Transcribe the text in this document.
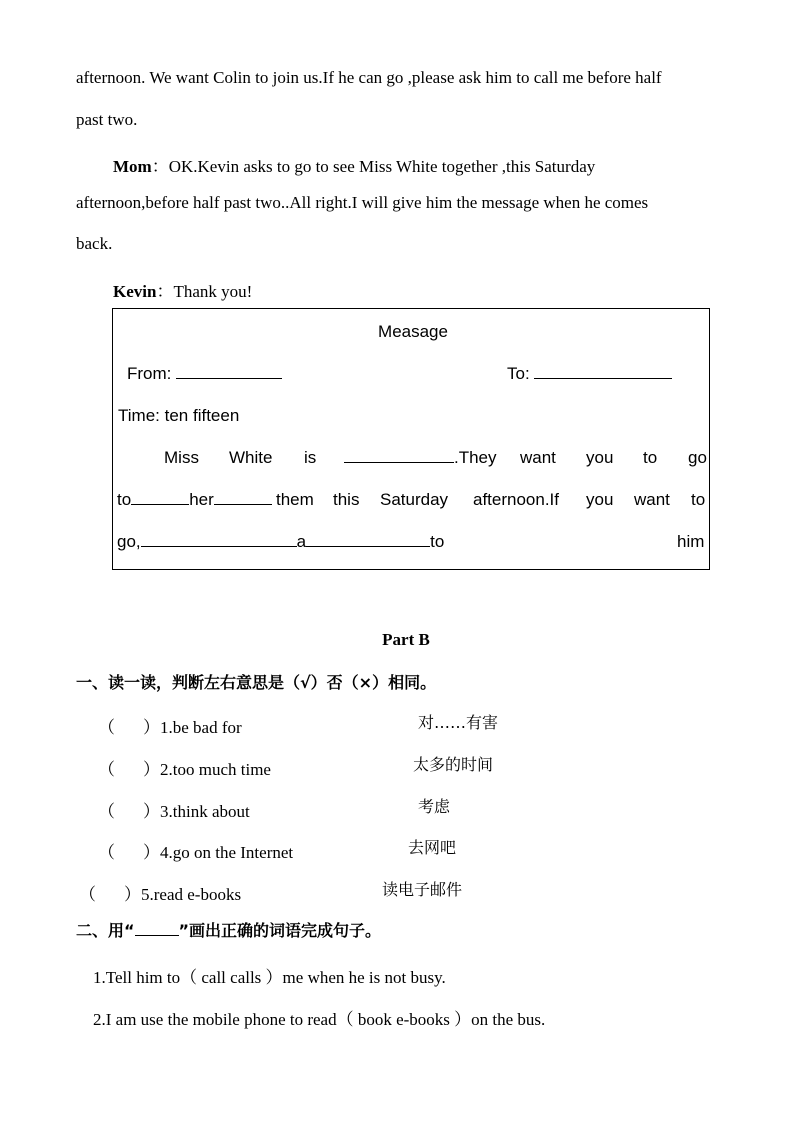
afternoon. We want Colin to join us.If he can go ,please ask him to call me before half
past two.
Mom：OK.Kevin asks to go to see Miss White together ,this Saturday
afternoon,before half past two..All right.I will give him the message when he comes
back.
Kevin：Thank you!
Measage
From:	To:
Time: ten fifteen
Miss White is	.They want you to go
to	her	them this Saturday afternoon.If you want to
go,	a	to	him
Part B
一、读一读，判断左右意思是（√）否（×）相同。
（ ）1.be bad for	对……有害
（ ）2.too much time	太多的时间
（ ）3.think about	考虑
（ ）4.go on the Internet	去网吧
（ ）5.read e-books	读电子邮件
二、用“	”画出正确的词语完成句子。
1.Tell him to（ call calls ）me when he is not busy.
2.I am use the mobile phone to read（ book e-books ）on the bus.
